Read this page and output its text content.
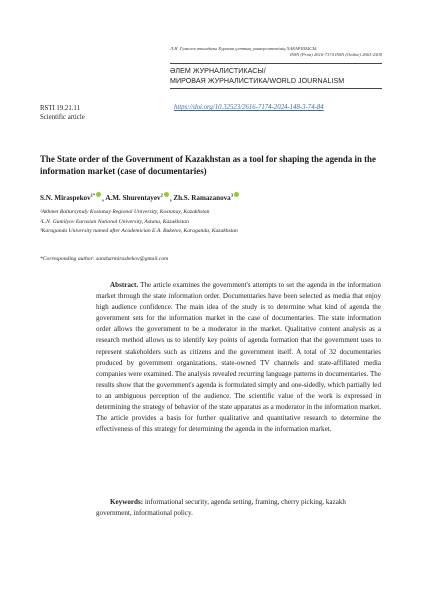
Л.Н. Гумилев атындағы Еуразия ұлттық университетінің ХАБАРШЫСЫ.
ISSN (Print) 2616-7174 ISSN (Online) 2663-2500
ӘЛЕМ ЖУРНАЛИСТИКАСЫ/
МИРОВАЯ ЖУРНАЛИСТИКА/WORLD JOURNALISM
RSTI 19.21.11
Scientific article
https://doi.org/10.32523/2616-7174-2024-148-3-74-84
The State order of the Government of Kazakhstan as a tool for shaping the agenda in the information market (case of documentaries)
S.N. Miraspekov$^{1*}$ , A.M. Shurentayev$^2$ , Zh.S. Ramazanova$^3$
¹Akhmet Baitursynuly Kostanay Regional University, Kostanay, Kazakhstan
²L.N. Gumilyov Eurasian National University, Astana, Kazakhstan
³Karaganda University named after Academician E.A. Buketov, Karaganda, Kazakhstan
*Corresponding author: sanzharmirasbekov@gmail.com
Abstract. The article examines the government's attempts to set the agenda in the information market through the state information order. Documentaries have been selected as media that enjoy high audience confidence. The main idea of the study is to determine what kind of agenda the government sets for the information market in the case of documentaries. The state information order allows the government to be a moderator in the market. Qualitative content analysis as a research method allows us to identify key points of agenda formation that the government uses to represent stakeholders such as citizens and the government itself. A total of 32 documentaries produced by government organizations, state-owned TV channels and state-affiliated media companies were examined. The analysis revealed recurring language patterns in documentaries. The results show that the government's agenda is formulated simply and one-sidedly, which partially led to an ambiguous perception of the audience. The scientific value of the work is expressed in determining the strategy of behavior of the state apparatus as a moderator in the information market. The article provides a basis for further qualitative and quantitative research to determine the effectiveness of this strategy for determining the agenda in the information market.
Keywords: informational security, agenda setting, framing, cherry picking, kazakh government, informational policy.
